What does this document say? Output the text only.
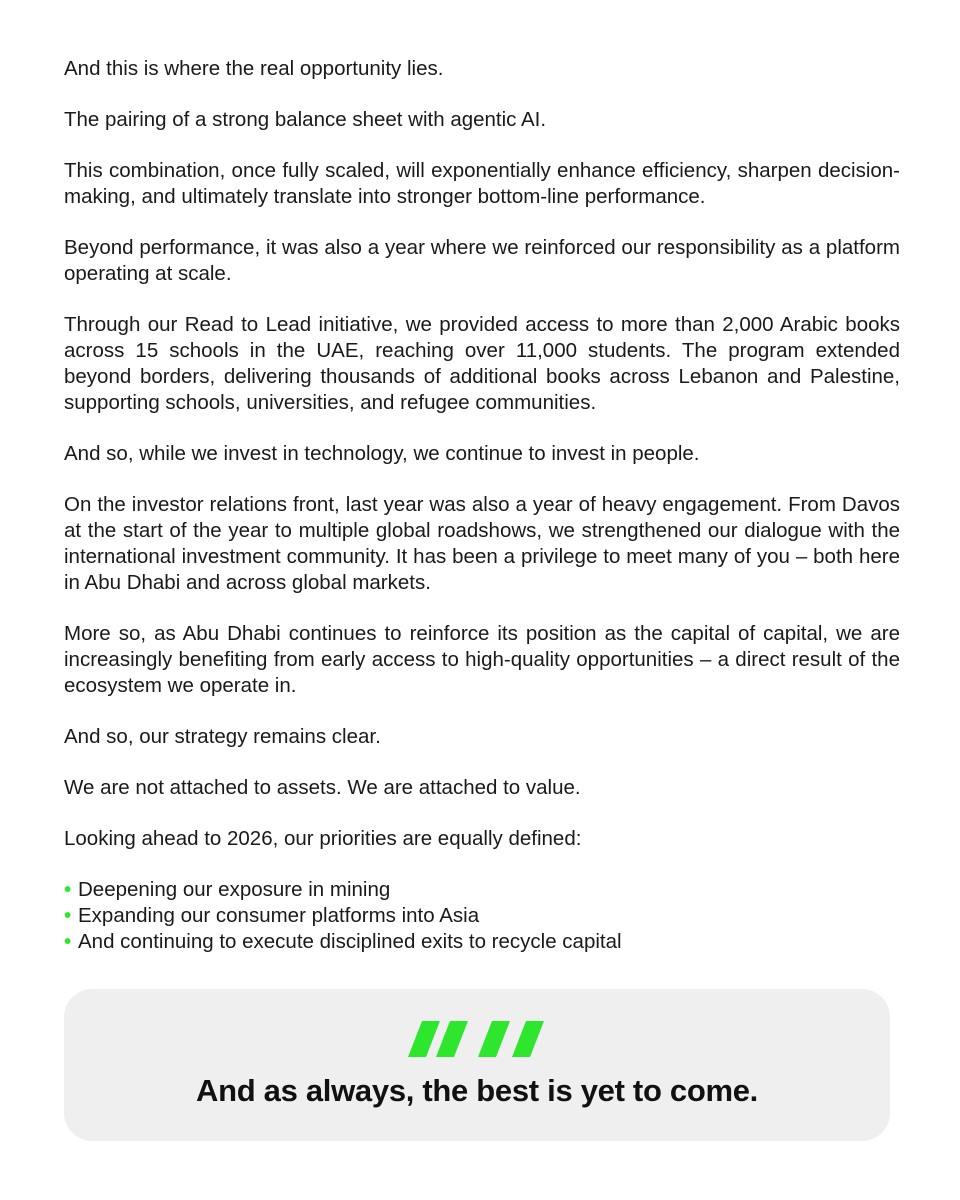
And this is where the real opportunity lies.

The pairing of a strong balance sheet with agentic AI.

This combination, once fully scaled, will exponentially enhance efficiency, sharpen decision-making, and ultimately translate into stronger bottom-line performance.

Beyond performance, it was also a year where we reinforced our responsibility as a platform operating at scale.

Through our Read to Lead initiative, we provided access to more than 2,000 Arabic books across 15 schools in the UAE, reaching over 11,000 students. The program extended beyond borders, delivering thousands of additional books across Lebanon and Palestine, supporting schools, universities, and refugee communities.

And so, while we invest in technology, we continue to invest in people.

On the investor relations front, last year was also a year of heavy engagement. From Davos at the start of the year to multiple global roadshows, we strengthened our dialogue with the international investment community. It has been a privilege to meet many of you – both here in Abu Dhabi and across global markets.

More so, as Abu Dhabi continues to reinforce its position as the capital of capital, we are increasingly benefiting from early access to high-quality opportunities – a direct result of the ecosystem we operate in.

And so, our strategy remains clear.

We are not attached to assets. We are attached to value.

Looking ahead to 2026, our priorities are equally defined:

• Deepening our exposure in mining
• Expanding our consumer platforms into Asia
• And continuing to execute disciplined exits to recycle capital
And as always, the best is yet to come.
